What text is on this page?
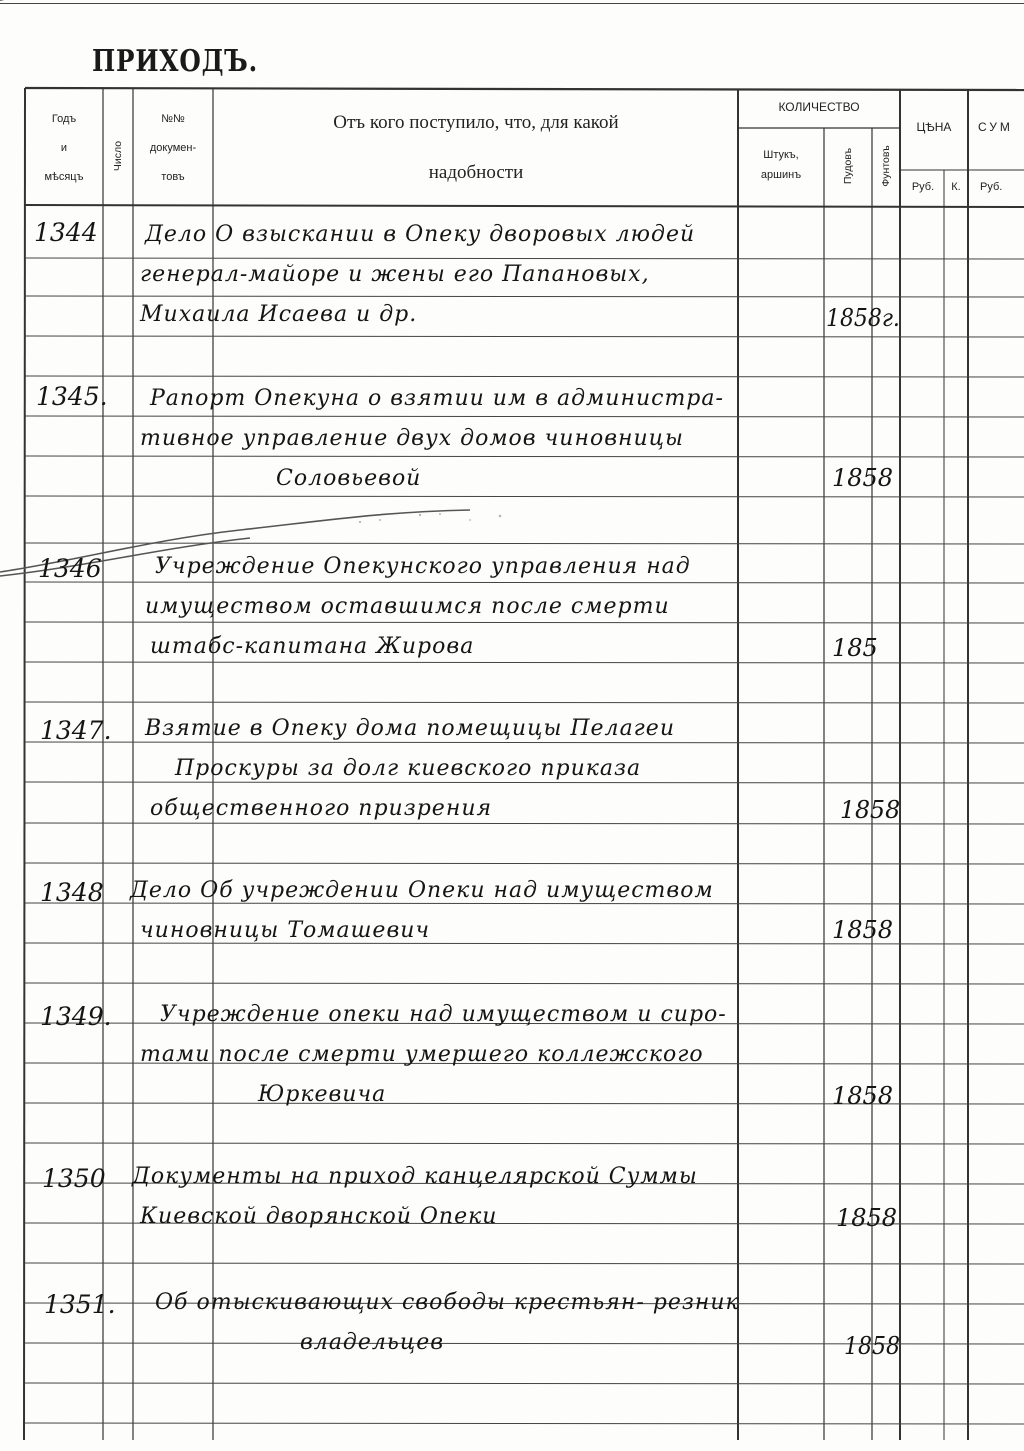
ПРИХОДЪ.
Годъ
и
мѣсяцъ
Число
№№
докумен-
товъ
Отъ кого поступило, что, для какой
надобности
КОЛИЧЕСТВО
Штукъ,
аршинъ	Пудовъ Фунтовъ
ЦѢНА
Руб.	К.
СУМ
Руб.
1344 Дело О взыскании в Опеку дворовых людей
генерал-майоре и жены его Папановых,
Михаила Исаева и др.	1858г.
1345. Рапорт Опекуна о взятии им в администра-
тивное управление двух домов чиновницы
Соловьевой	1858
1346 Учреждение Опекунского управления над
имуществом оставшимся после смерти
штабс-капитана Жирова	185
1347. Взятие в Опеку дома помещицы Пелагеи
Проскуры за долг киевского приказа
общественного призрения	1858
1348 Дело Об учреждении Опеки над имуществом
чиновницы Томашевич	1858
1349. Учреждение опеки над имуществом и сиро-
тами после смерти умершего коллежского
Юркевича	1858
1350 Документы на приход канцелярской Суммы
Киевской дворянской Опеки	1858
1351. Об отыскивающих свободы крестьян- резник
владельцев	1858
